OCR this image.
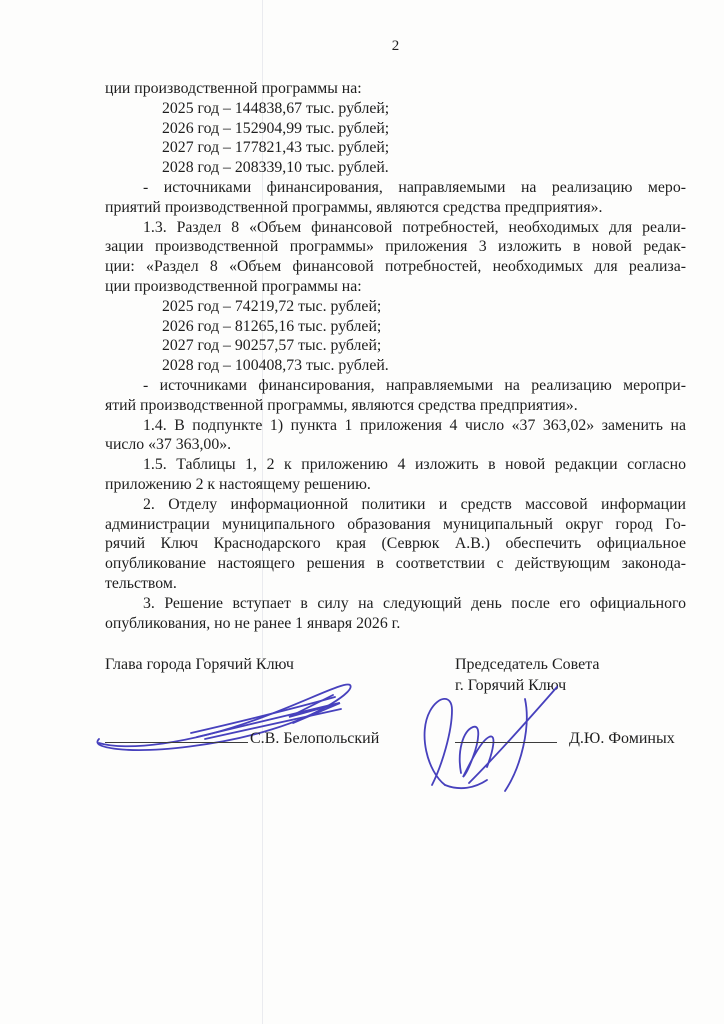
2
ции производственной программы на:
2025 год – 144838,67 тыс. рублей;
2026 год – 152904,99 тыс. рублей;
2027 год – 177821,43 тыс. рублей;
2028 год – 208339,10 тыс. рублей.
- источниками финансирования, направляемыми на реализацию меро-
приятий производственной программы, являются средства предприятия».
1.3. Раздел 8 «Объем финансовой потребностей, необходимых для реали-
зации производственной программы» приложения 3 изложить в новой редак-
ции: «Раздел 8 «Объем финансовой потребностей, необходимых для реализа-
ции производственной программы на:
2025 год – 74219,72 тыс. рублей;
2026 год – 81265,16 тыс. рублей;
2027 год – 90257,57 тыс. рублей;
2028 год – 100408,73 тыс. рублей.
- источниками финансирования, направляемыми на реализацию меропри-
ятий производственной программы, являются средства предприятия».
1.4. В подпункте 1) пункта 1 приложения 4 число «37 363,02» заменить на
число «37 363,00».
1.5. Таблицы 1, 2 к приложению 4 изложить в новой редакции согласно
приложению 2 к настоящему решению.
2. Отделу информационной политики и средств массовой информации
администрации муниципального образования муниципальный округ город Го-
рячий Ключ Краснодарского края (Севрюк А.В.) обеспечить официальное
опубликование настоящего решения в соответствии с действующим законода-
тельством.
3. Решение вступает в силу на следующий день после его официального
опубликования, но не ранее 1 января 2026 г.
Глава города Горячий Ключ
С.В. Белопольский
Председатель Совета
г. Горячий Ключ
Д.Ю. Фоминых
